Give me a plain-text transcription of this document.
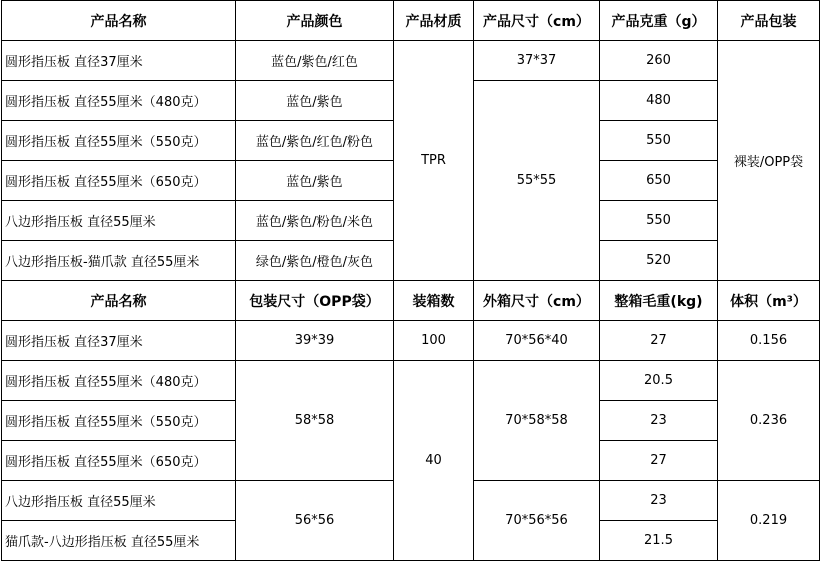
产品名称	产品颜色	产品材质	产品尺寸（cm）	产品克重（g）	产品包装
圆形指压板 直径37厘米	蓝色/紫色/红色	TPR	37*37	260	裸装/OPP袋
圆形指压板 直径55厘米（480克）	蓝色/紫色		55*55	480	
圆形指压板 直径55厘米（550克）	蓝色/紫色/红色/粉色			550	
圆形指压板 直径55厘米（650克）	蓝色/紫色			650	
八边形指压板 直径55厘米	蓝色/紫色/粉色/米色			550	
八边形指压板-猫爪款 直径55厘米	绿色/紫色/橙色/灰色			520	
产品名称	包装尺寸（OPP袋）	装箱数	外箱尺寸（cm）	整箱毛重(kg)	体积（m³）
圆形指压板 直径37厘米	39*39	100	70*56*40	27	0.156
圆形指压板 直径55厘米（480克）	58*58	40	70*58*58	20.5	0.236
圆形指压板 直径55厘米（550克）				23	
圆形指压板 直径55厘米（650克）				27	
八边形指压板 直径55厘米	56*56		70*56*56	23	0.219
猫爪款-八边形指压板 直径55厘米				21.5	
